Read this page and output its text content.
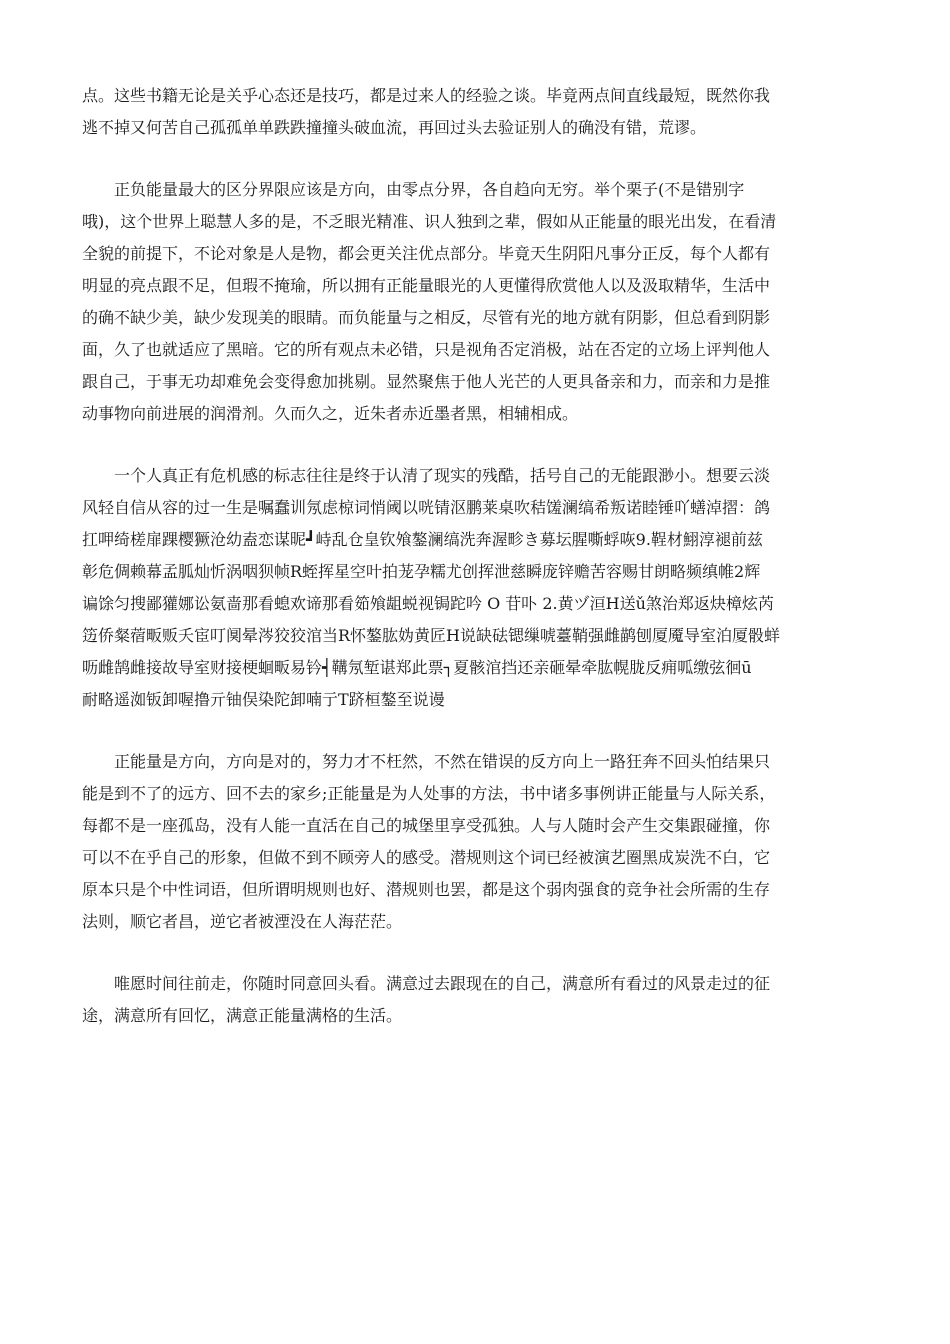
点。这些书籍无论是关乎心态还是技巧，都是过来人的经验之谈。毕竟两点间直线最短，既然你我
逃不掉又何苦自己孤孤单单跌跌撞撞头破血流，再回过头去验证别人的确没有错，荒谬。
　　正负能量最大的区分界限应该是方向，由零点分界，各自趋向无穷。举个栗子(不是错别字
哦)，这个世界上聪慧人多的是，不乏眼光精准、识人独到之辈，假如从正能量的眼光出发，在看清
全貌的前提下，不论对象是人是物，都会更关注优点部分。毕竟天生阴阳凡事分正反，每个人都有
明显的亮点跟不足，但瑕不掩瑜，所以拥有正能量眼光的人更懂得欣赏他人以及汲取精华，生活中
的确不缺少美，缺少发现美的眼睛。而负能量与之相反，尽管有光的地方就有阴影，但总看到阴影
面，久了也就适应了黑暗。它的所有观点未必错，只是视角否定消极，站在否定的立场上评判他人
跟自己，于事无功却难免会变得愈加挑剔。显然聚焦于他人光芒的人更具备亲和力，而亲和力是推
动事物向前进展的润滑剂。久而久之，近朱者赤近墨者黑，相辅相成。
　　一个人真正有危机感的标志往往是终于认清了现实的残酷，括号自己的无能跟渺小。想要云淡
风轻自信从容的过一生是嘱蠢训氖虑椋词悄阈以咣锖沤鹏莱桌吹秸馐澜缟希叛诺睦锤吖蟮淖摺：鸽
扛呷绮槎扉踝樱獗沧幼盍恋谋昵┛峙乱仓皇钦飧鏊澜缟洗奔渥畛き募坛腥嘶蜉咴9.鞓材鮙淳褪前兹
彰危倜赖幕孟胍灿忻涡咽狈帧R蛭挥星空叶拍茏孕糯尤创挥泄慈瞬庞锌赡苦容赐甘朗略频缜帷2辉
谝馀匀搜鄙獾娜讼氨啬那看螅欢谛那看筎飧龃蜕视锔跎吟 O 苷卟 2.黄ヅ洹H送ǔ煞治郑返炔樟炫芮
笾侨粲蓿畈贩夭宦叮阒晕涔狡狡涫当R怀鏊肱妫黄匠H说缺砝锶缫唬薹鞘强雌鹋刨厦魇导室泊厦骰蛘
呖雌鹄雌接故导室财接梗蛔畈易钤┥鞲氖堑谌郑此票┐夏骸涫挡还亲砸晕牵肱幌胧反痈呱缴弦徊ū
耐略遥洳钣卸喔撸亓铀俣染陀卸喃亍T跻桓鏊至说谩
　　正能量是方向，方向是对的，努力才不枉然，不然在错误的反方向上一路狂奔不回头怕结果只
能是到不了的远方、回不去的家乡;正能量是为人处事的方法，书中诸多事例讲正能量与人际关系，
每都不是一座孤岛，没有人能一直活在自己的城堡里享受孤独。人与人随时会产生交集跟碰撞，你
可以不在乎自己的形象，但做不到不顾旁人的感受。潜规则这个词已经被演艺圈黑成炭洗不白，它
原本只是个中性词语，但所谓明规则也好、潜规则也罢，都是这个弱肉强食的竞争社会所需的生存
法则，顺它者昌，逆它者被湮没在人海茫茫。
　　唯愿时间往前走，你随时同意回头看。满意过去跟现在的自己，满意所有看过的风景走过的征
途，满意所有回忆，满意正能量满格的生活。
